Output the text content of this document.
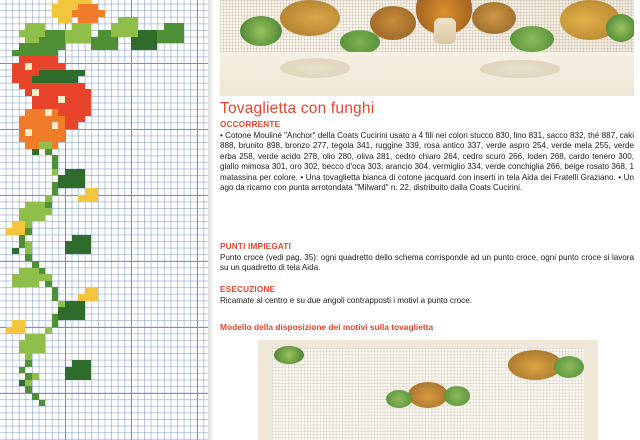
Tovaglietta con funghi
OCCORRENTE
• Cotone Mouliné "Anchor" della Coats Cucirini usato a 4 fili nei colori stucco 830, lino 831, sacco 832, thé 887, caki 888, brunito 898, bronzo 277, tegola 341, ruggine 339, rosa antico 337, verde aspro 254, verde mela 255, verde erba 258, verde acido 278, olio 280, oliva 281, cedro chiaro 264, cedro scuro 266, loden 268, cardo tenero 300, giallo mimosa 301, oro 302, becco d'oca 303, arancio 304, vermiglio 334, verde conchiglia 266, beige rosato 368, 1 matassina per colore. • Una tovaglietta bianca di cotone jacquard con inserti in tela Aida dei Fratelli Graziano. • Un ago da ricamo con punta arrotondata "Milward" n. 22, distribuito dalla Coats Cucirini.
PUNTI IMPIEGATI
Punto croce (vedi pag. 35): ogni quadretto dello schema corrisponde ad un punto croce, ogni punto croce si lavora su un quadretto di tela Aida.
ESECUZIONE
Ricamate al centro e su due angoli contrapposti i motivi a punto croce.
Modello della disposizione dei motivi sulla tovaglietta
